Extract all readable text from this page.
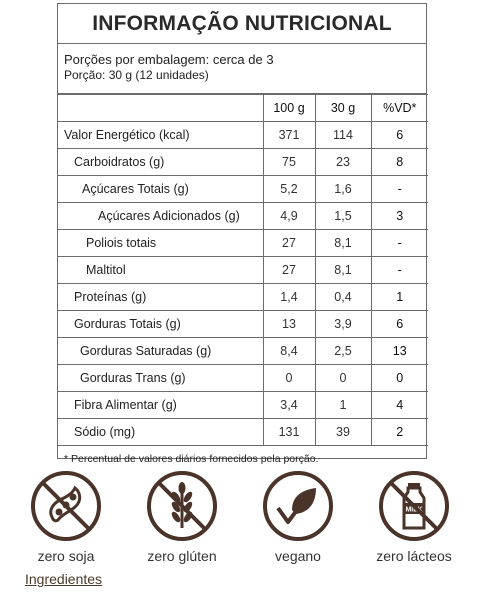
INFORMAÇÃO NUTRICIONAL
Porções por embalagem: cerca de 3
Porção: 30 g (12 unidades)
	100 g	30 g	%VD*
Valor Energético (kcal)	371	114	6
Carboidratos (g)	75	23	8
Açúcares Totais (g)	5,2	1,6	-
Açúcares Adicionados (g)	4,9	1,5	3
Poliois totais	27	8,1	-
Maltitol	27	8,1	-
Proteínas (g)	1,4	0,4	1
Gorduras Totais (g)	13	3,9	6
Gorduras Saturadas (g)	8,4	2,5	13
Gorduras Trans (g)	0	0	0
Fibra Alimentar (g)	3,4	1	4
Sódio (mg)	131	39	2
* Percentual de valores diários fornecidos pela porção.
zero soja	zero glúten	vegano
MILK
zero lácteos
Ingredientes
